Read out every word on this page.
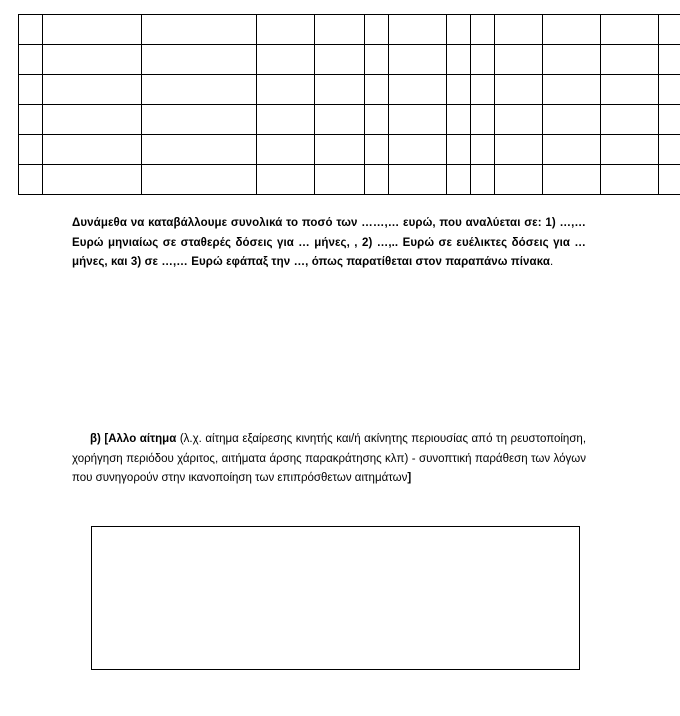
Δυνάμεθα να καταβάλλουμε συνολικά το ποσό των ……,… ευρώ, που αναλύεται σε: 1) …,… Ευρώ μηνιαίως σε σταθερές δόσεις για … μήνες, , 2) …,.. Ευρώ σε ευέλικτες δόσεις για … μήνες, και 3) σε …,… Ευρώ εφάπαξ την …, όπως παρατίθεται στον παραπάνω πίνακα.

β) [Αλλο αίτημα (λ.χ. αίτημα εξαίρεσης κινητής και/ή ακίνητης περιουσίας από τη ρευστοποίηση, χορήγηση περιόδου χάριτος, αιτήματα άρσης παρακράτησης κλπ) - συνοπτική παράθεση των λόγων που συνηγορούν στην ικανοποίηση των επιπρόσθετων αιτημάτων]
